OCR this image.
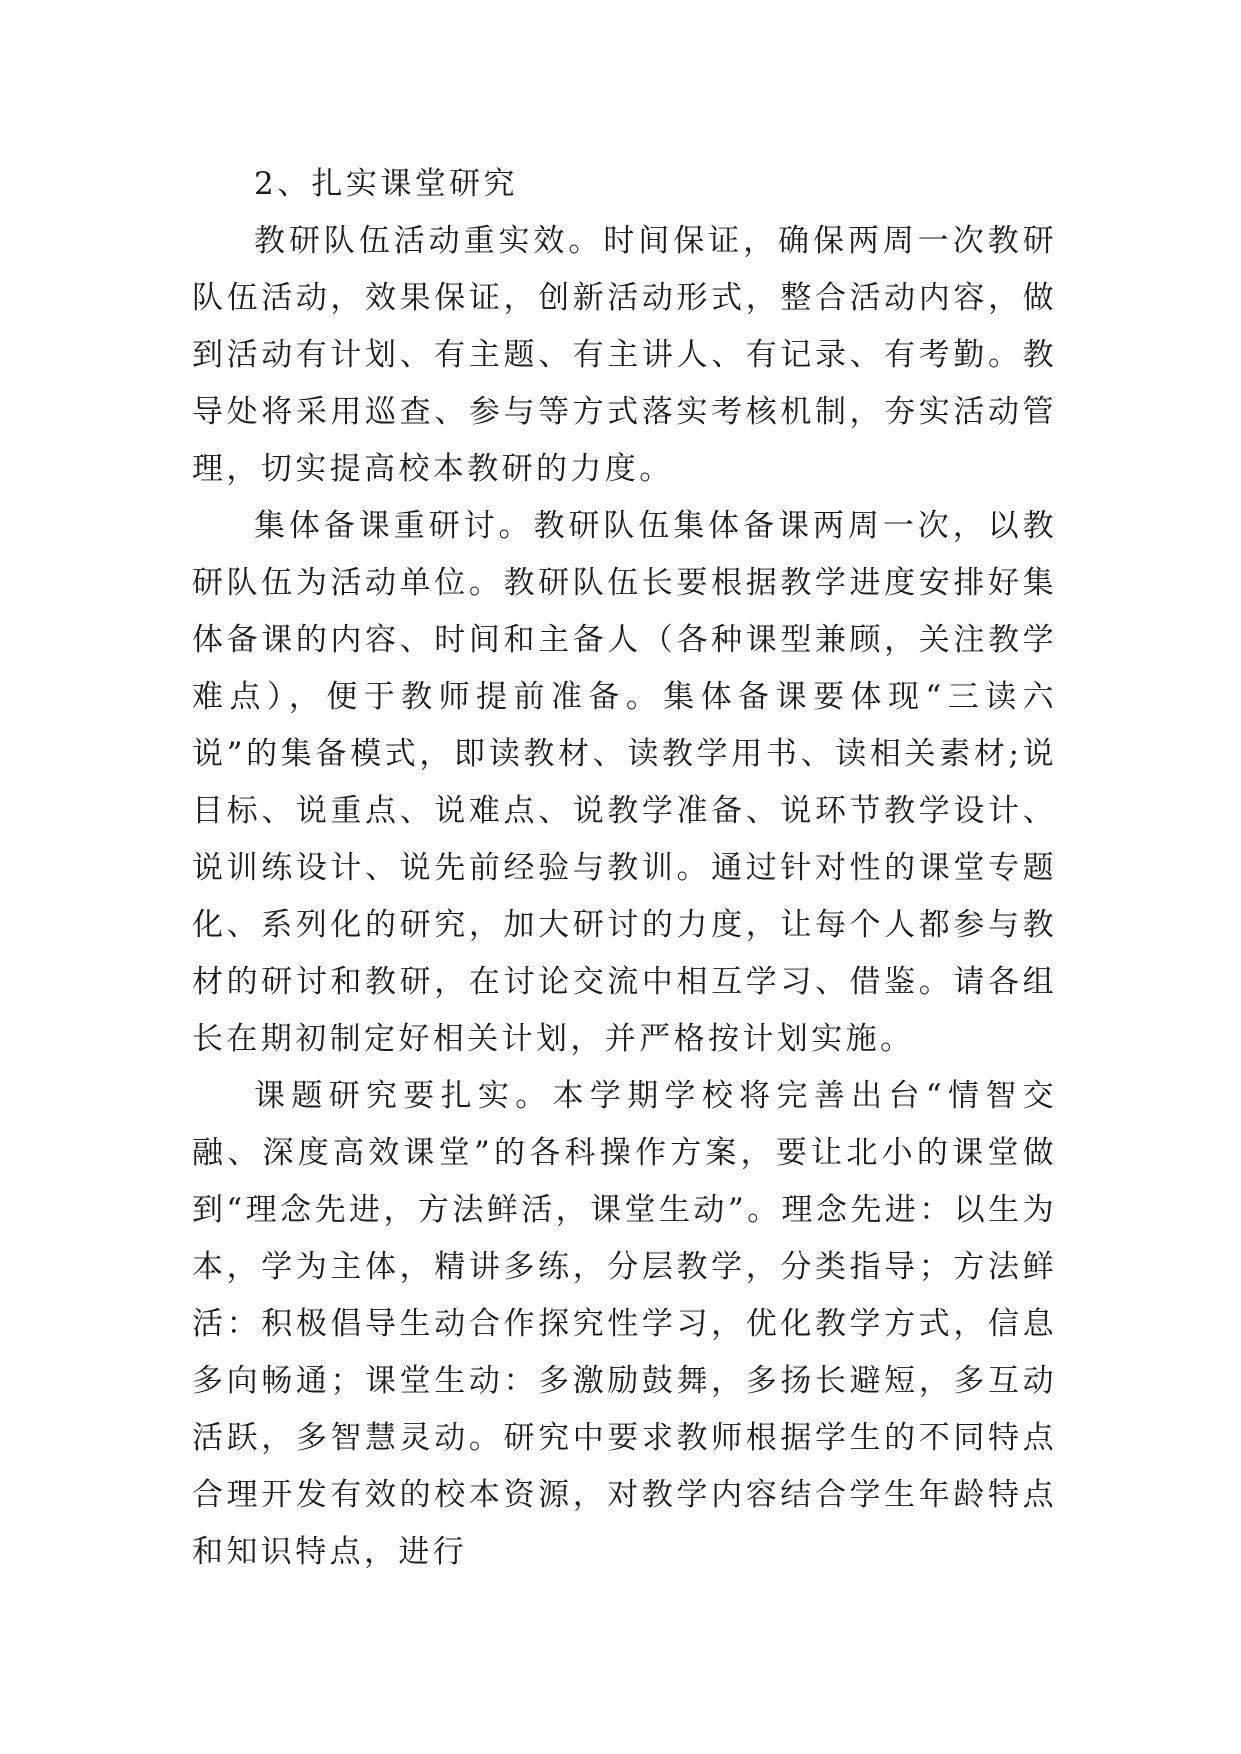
2、扎实课堂研究

教研队伍活动重实效。时间保证，确保两周一次教研队伍活动，效果保证，创新活动形式，整合活动内容，做到活动有计划、有主题、有主讲人、有记录、有考勤。教导处将采用巡查、参与等方式落实考核机制，夯实活动管理，切实提高校本教研的力度。

集体备课重研讨。教研队伍集体备课两周一次，以教研队伍为活动单位。教研队伍长要根据教学进度安排好集体备课的内容、时间和主备人（各种课型兼顾，关注教学难点），便于教师提前准备。集体备课要体现“三读六说”的集备模式，即读教材、读教学用书、读相关素材;说目标、说重点、说难点、说教学准备、说环节教学设计、说训练设计、说先前经验与教训。通过针对性的课堂专题化、系列化的研究，加大研讨的力度，让每个人都参与教材的研讨和教研，在讨论交流中相互学习、借鉴。请各组长在期初制定好相关计划，并严格按计划实施。

课题研究要扎实。本学期学校将完善出台“情智交融、深度高效课堂”的各科操作方案，要让北小的课堂做到“理念先进，方法鲜活，课堂生动”。理念先进：以生为本，学为主体，精讲多练，分层教学，分类指导；方法鲜活：积极倡导生动合作探究性学习，优化教学方式，信息多向畅通；课堂生动：多激励鼓舞，多扬长避短，多互动活跃，多智慧灵动。研究中要求教师根据学生的不同特点合理开发有效的校本资源，对教学内容结合学生年龄特点和知识特点，进行
